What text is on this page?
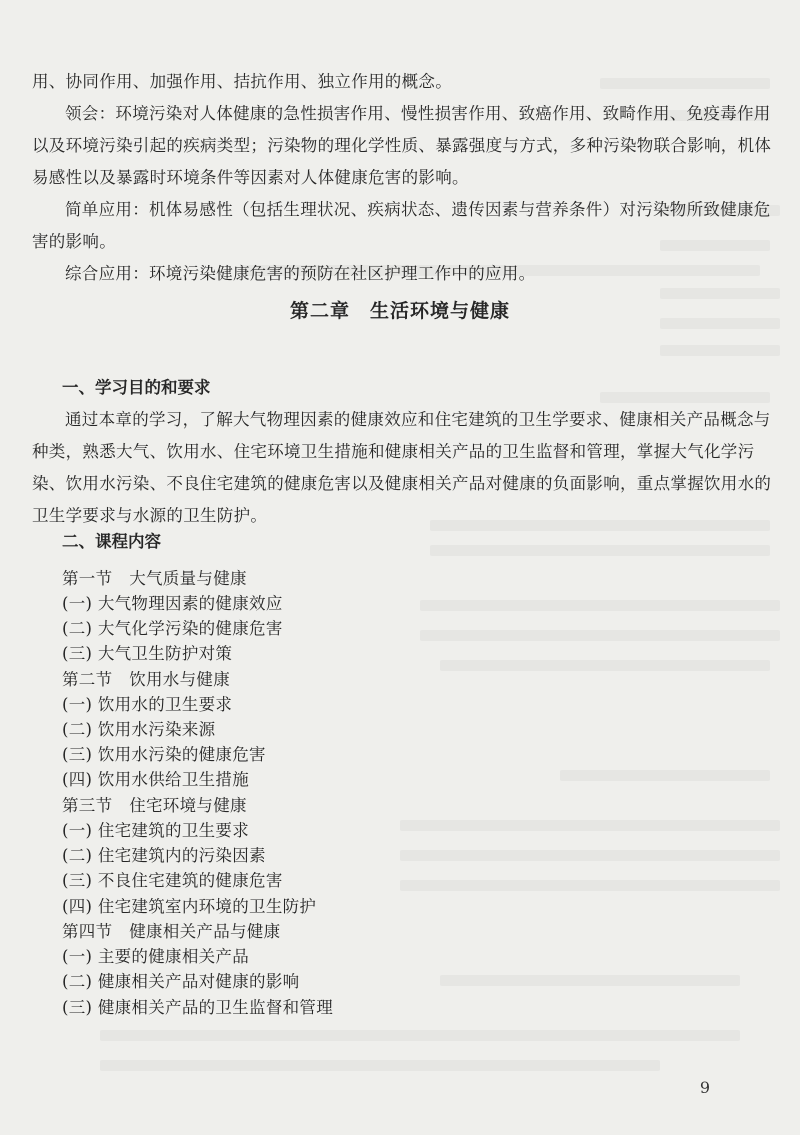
用、协同作用、加强作用、拮抗作用、独立作用的概念。

领会：环境污染对人体健康的急性损害作用、慢性损害作用、致癌作用、致畸作用、免疫毒作用以及环境污染引起的疾病类型；污染物的理化学性质、暴露强度与方式，多种污染物联合影响，机体易感性以及暴露时环境条件等因素对人体健康危害的影响。

简单应用：机体易感性（包括生理状况、疾病状态、遗传因素与营养条件）对污染物所致健康危害的影响。

综合应用：环境污染健康危害的预防在社区护理工作中的应用。

第二章　生活环境与健康
一、学习目的和要求

通过本章的学习，了解大气物理因素的健康效应和住宅建筑的卫生学要求、健康相关产品概念与种类，熟悉大气、饮用水、住宅环境卫生措施和健康相关产品的卫生监督和管理，掌握大气化学污染、饮用水污染、不良住宅建筑的健康危害以及健康相关产品对健康的负面影响，重点掌握饮用水的卫生学要求与水源的卫生防护。

二、课程内容
第一节　大气质量与健康
(一) 大气物理因素的健康效应
(二) 大气化学污染的健康危害
(三) 大气卫生防护对策
第二节　饮用水与健康
(一) 饮用水的卫生要求
(二) 饮用水污染来源
(三) 饮用水污染的健康危害
(四) 饮用水供给卫生措施
第三节　住宅环境与健康
(一) 住宅建筑的卫生要求
(二) 住宅建筑内的污染因素
(三) 不良住宅建筑的健康危害
(四) 住宅建筑室内环境的卫生防护
第四节　健康相关产品与健康
(一) 主要的健康相关产品
(二) 健康相关产品对健康的影响
(三) 健康相关产品的卫生监督和管理
9
